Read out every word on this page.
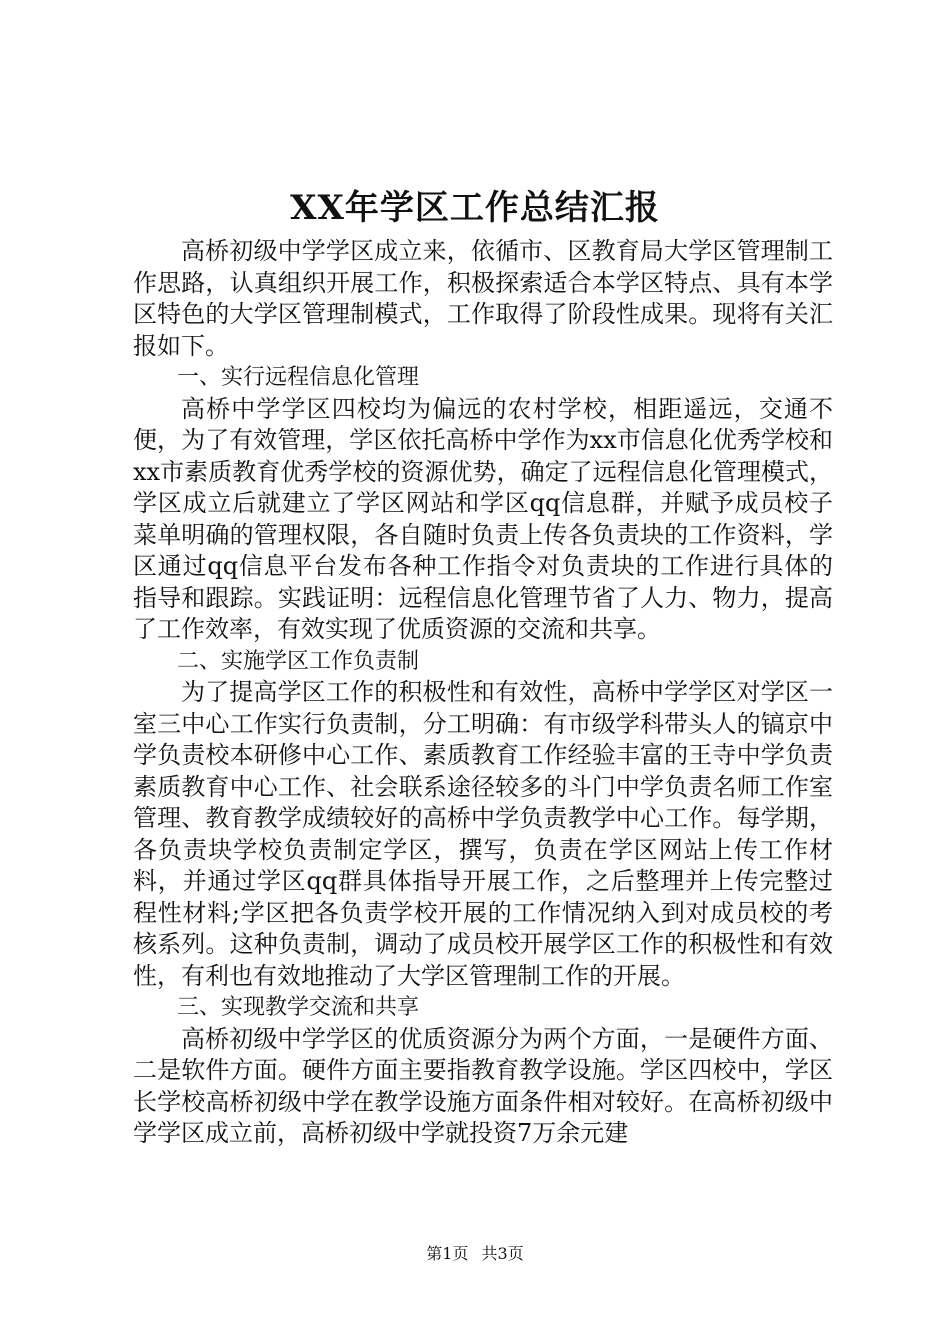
XX年学区工作总结汇报

高桥初级中学学区成立来，依循市、区教育局大学区管理制工作思路，认真组织开展工作，积极探索适合本学区特点、具有本学区特色的大学区管理制模式，工作取得了阶段性成果。现将有关汇报如下。

一、实行远程信息化管理

高桥中学学区四校均为偏远的农村学校，相距遥远，交通不便，为了有效管理，学区依托高桥中学作为xx市信息化优秀学校和xx市素质教育优秀学校的资源优势，确定了远程信息化管理模式，学区成立后就建立了学区网站和学区qq信息群，并赋予成员校子菜单明确的管理权限，各自随时负责上传各负责块的工作资料，学区通过qq信息平台发布各种工作指令对负责块的工作进行具体的指导和跟踪。实践证明：远程信息化管理节省了人力、物力，提高了工作效率，有效实现了优质资源的交流和共享。

二、实施学区工作负责制

为了提高学区工作的积极性和有效性，高桥中学学区对学区一室三中心工作实行负责制，分工明确：有市级学科带头人的镐京中学负责校本研修中心工作、素质教育工作经验丰富的王寺中学负责素质教育中心工作、社会联系途径较多的斗门中学负责名师工作室管理、教育教学成绩较好的高桥中学负责教学中心工作。每学期，各负责块学校负责制定学区，撰写，负责在学区网站上传工作材料，并通过学区qq群具体指导开展工作，之后整理并上传完整过程性材料;学区把各负责学校开展的工作情况纳入到对成员校的考核系列。这种负责制，调动了成员校开展学区工作的积极性和有效性，有利也有效地推动了大学区管理制工作的开展。

三、实现教学交流和共享

高桥初级中学学区的优质资源分为两个方面，一是硬件方面、二是软件方面。硬件方面主要指教育教学设施。学区四校中，学区长学校高桥初级中学在教学设施方面条件相对较好。在高桥初级中学学区成立前，高桥初级中学就投资7万余元建

第1页 共3页
